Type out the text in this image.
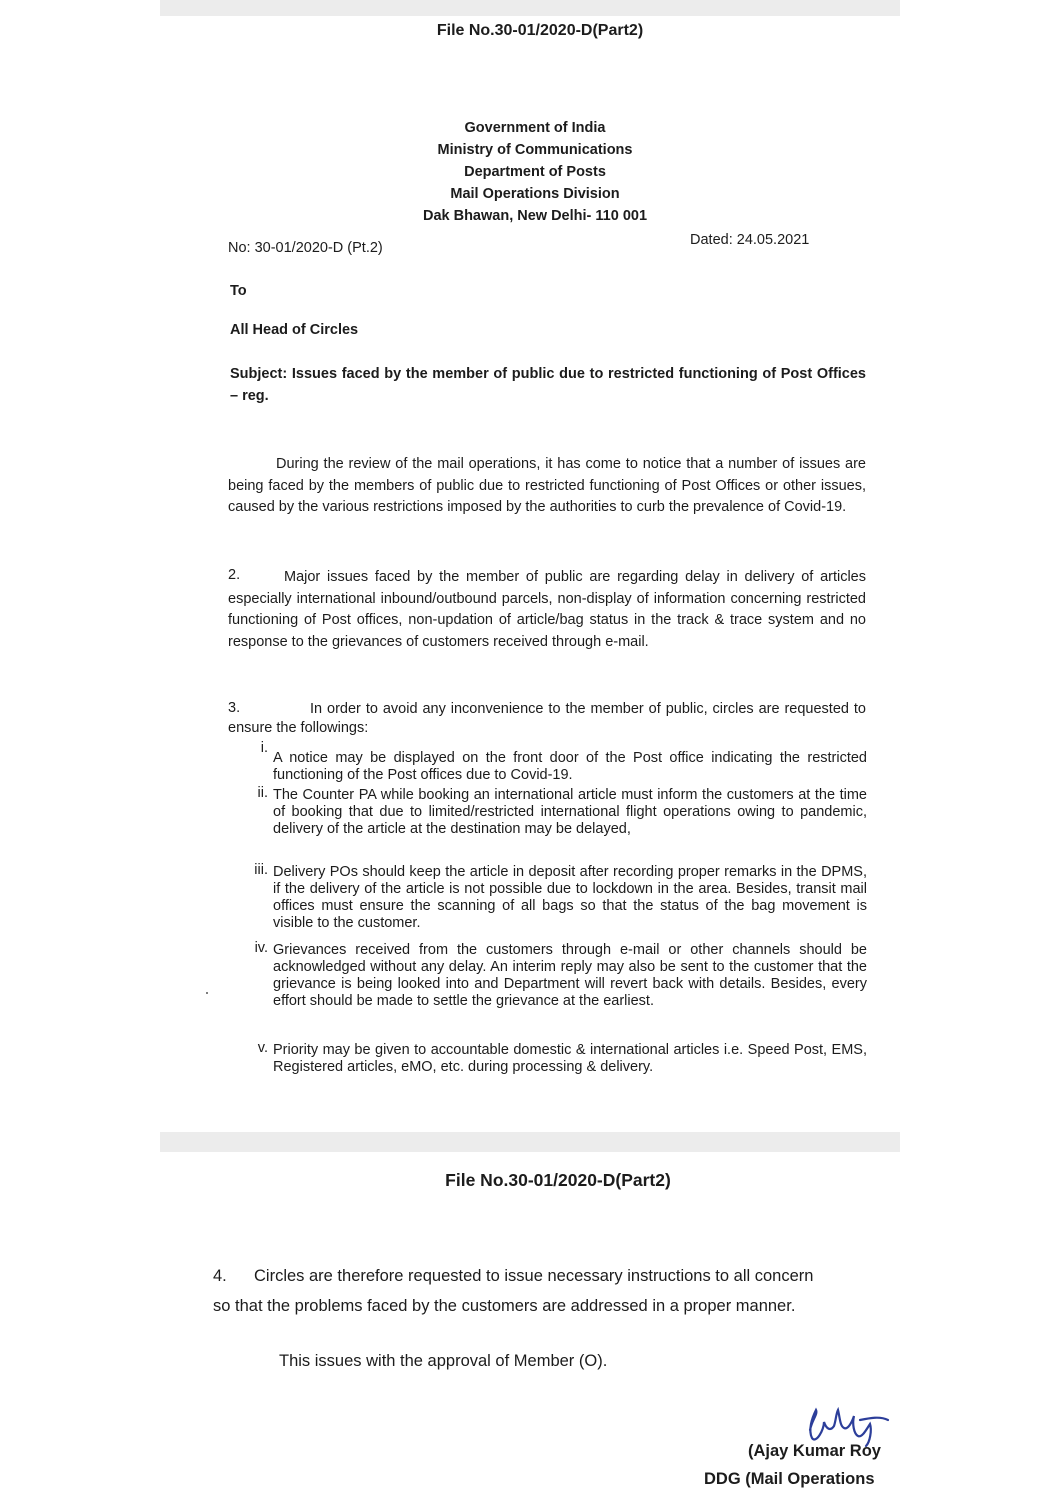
File No.30-01/2020-D(Part2)
Government of India
Ministry of Communications
Department of Posts
Mail Operations Division
Dak Bhawan, New Delhi- 110 001
No: 30-01/2020-D (Pt.2)	Dated: 24.05.2021
To
All Head of Circles
Subject: Issues faced by the member of public due to restricted functioning of Post Offices – reg.
During the review of the mail operations, it has come to notice that a number of issues are being faced by the members of public due to restricted functioning of Post Offices or other issues, caused by the various restrictions imposed by the authorities to curb the prevalence of Covid-19.
2.	Major issues faced by the member of public are regarding delay in delivery of articles especially international inbound/outbound parcels, non-display of information concerning restricted functioning of Post offices, non-updation of article/bag status in the track & trace system and no response to the grievances of customers received through e-mail.
3.	In order to avoid any inconvenience to the member of public, circles are requested to ensure the followings:
i.
A notice may be displayed on the front door of the Post office indicating the restricted functioning of the Post offices due to Covid-19.
ii. The Counter PA while booking an international article must inform the customers at the time of booking that due to limited/restricted international flight operations owing to pandemic, delivery of the article at the destination may be delayed,
iii. Delivery POs should keep the article in deposit after recording proper remarks in the DPMS, if the delivery of the article is not possible due to lockdown in the area. Besides, transit mail offices must ensure the scanning of all bags so that the status of the bag movement is visible to the customer.
iv. Grievances received from the customers through e-mail or other channels should be acknowledged without any delay. An interim reply may also be sent to the customer that the grievance is being looked into and Department will revert back with details. Besides, every effort should be made to settle the grievance at the earliest.
v. Priority may be given to accountable domestic & international articles i.e. Speed Post, EMS, Registered articles, eMO, etc. during processing & delivery.
File No.30-01/2020-D(Part2)
4. Circles are therefore requested to issue necessary instructions to all concern
so that the problems faced by the customers are addressed in a proper manner.
This issues with the approval of Member (O).
(Ajay Kumar Roy
DDG (Mail Operations
